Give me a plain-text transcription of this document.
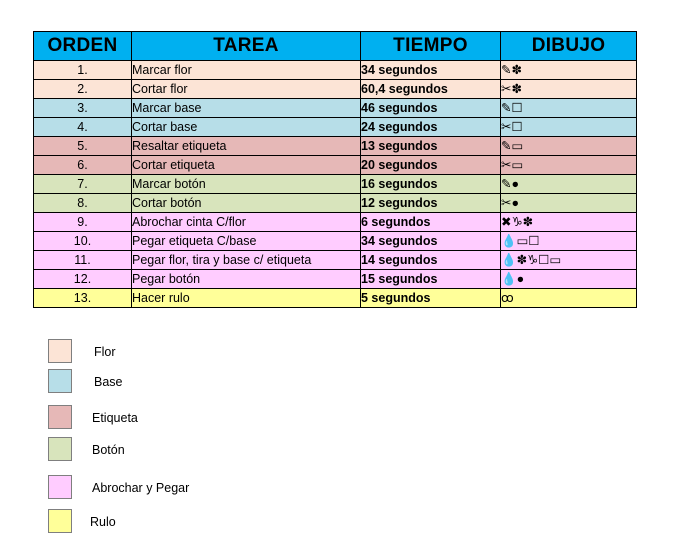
ORDEN	TAREA	TIEMPO	DIBUJO
1.	Marcar flor	34 segundos	✎✽
2.	Cortar flor	60,4 segundos	✂✽
3.	Marcar base	46 segundos	✎☐
4.	Cortar base	24 segundos	✂☐
5.	Resaltar etiqueta	13 segundos	✎▭
6.	Cortar etiqueta	20 segundos	✂▭
7.	Marcar botón	16 segundos	✎●
8.	Cortar botón	12 segundos	✂●
9.	Abrochar cinta C/flor	6 segundos	✖♑✽
10.	Pegar etiqueta C/base	34 segundos	💧▭☐
11.	Pegar flor, tira y base c/ etiqueta	14 segundos	💧✽♑☐▭
12.	Pegar botón	15 segundos	💧●
13.	Hacer rulo	5 segundos	ꝏ
Flor
Base
Etiqueta
Botón
Abrochar y Pegar
Rulo
